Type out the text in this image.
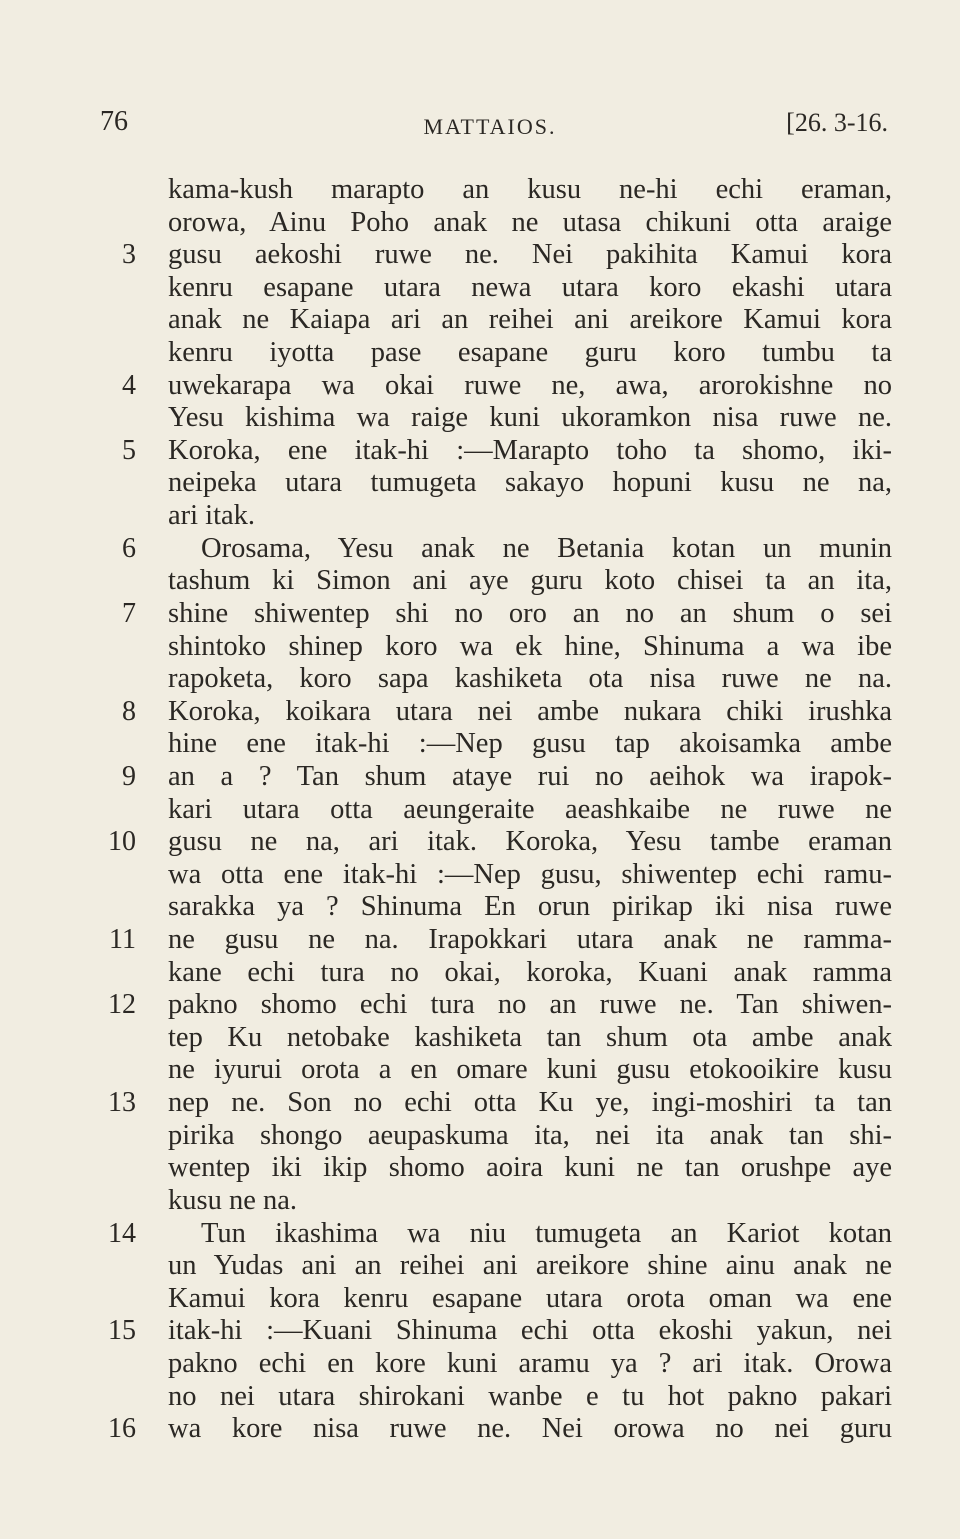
76	MATTAIOS.	[26. 3-16.
kama-kush marapto an kusu ne-hi echi eraman,
orowa, Ainu Poho anak ne utasa chikuni otta araige
3 gusu aekoshi ruwe ne. Nei pakihita Kamui kora
kenru esapane utara newa utara koro ekashi utara
anak ne Kaiapa ari an reihei ani areikore Kamui kora
kenru iyotta pase esapane guru koro tumbu ta
4 uwekarapa wa okai ruwe ne, awa, arorokishne no
Yesu kishima wa raige kuni ukoramkon nisa ruwe ne.
5 Koroka, ene itak-hi :—Marapto toho ta shomo, iki-
neipeka utara tumugeta sakayo hopuni kusu ne na,
ari itak.
6	Orosama, Yesu anak ne Betania kotan un munin
tashum ki Simon ani aye guru koto chisei ta an ita,
7 shine shiwentep shi no oro an no an shum o sei
shintoko shinep koro wa ek hine, Shinuma a wa ibe
rapoketa, koro sapa kashiketa ota nisa ruwe ne na.
8 Koroka, koikara utara nei ambe nukara chiki irushka
hine ene itak-hi :—Nep gusu tap akoisamka ambe
9 an a ? Tan shum ataye rui no aeihok wa irapok-
kari utara otta aeungeraite aeashkaibe ne ruwe ne
10 gusu ne na, ari itak. Koroka, Yesu tambe eraman
wa otta ene itak-hi :—Nep gusu, shiwentep echi ramu-
sarakka ya ? Shinuma En orun pirikap iki nisa ruwe
11 ne gusu ne na. Irapokkari utara anak ne ramma-
kane echi tura no okai, koroka, Kuani anak ramma
12 pakno shomo echi tura no an ruwe ne. Tan shiwen-
tep Ku netobake kashiketa tan shum ota ambe anak
ne iyurui orota a en omare kuni gusu etokooikire kusu
13 nep ne. Son no echi otta Ku ye, ingi-moshiri ta tan
pirika shongo aeupaskuma ita, nei ita anak tan shi-
wentep iki ikip shomo aoira kuni ne tan orushpe aye
kusu ne na.
14	Tun ikashima wa niu tumugeta an Kariot kotan
un Yudas ani an reihei ani areikore shine ainu anak ne
Kamui kora kenru esapane utara orota oman wa ene
15 itak-hi :—Kuani Shinuma echi otta ekoshi yakun, nei
pakno echi en kore kuni aramu ya ? ari itak. Orowa
no nei utara shirokani wanbe e tu hot pakno pakari
16 wa kore nisa ruwe ne. Nei orowa no nei guru
